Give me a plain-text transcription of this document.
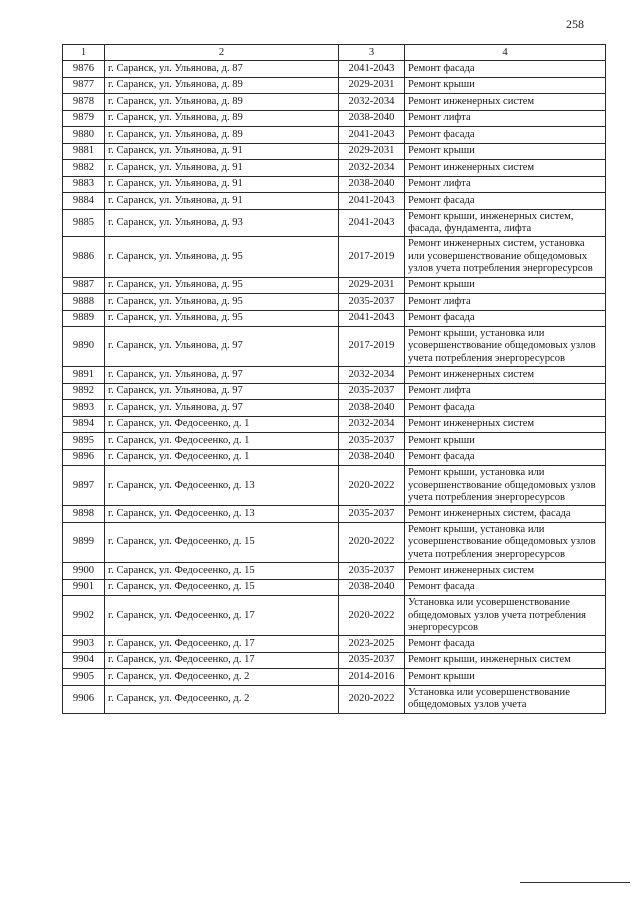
258
1	2	3	4
9876	г. Саранск, ул. Ульянова, д. 87	2041-2043	Ремонт фасада
9877	г. Саранск, ул. Ульянова, д. 89	2029-2031	Ремонт крыши
9878	г. Саранск, ул. Ульянова, д. 89	2032-2034	Ремонт инженерных систем
9879	г. Саранск, ул. Ульянова, д. 89	2038-2040	Ремонт лифта
9880	г. Саранск, ул. Ульянова, д. 89	2041-2043	Ремонт фасада
9881	г. Саранск, ул. Ульянова, д. 91	2029-2031	Ремонт крыши
9882	г. Саранск, ул. Ульянова, д. 91	2032-2034	Ремонт инженерных систем
9883	г. Саранск, ул. Ульянова, д. 91	2038-2040	Ремонт лифта
9884	г. Саранск, ул. Ульянова, д. 91	2041-2043	Ремонт фасада
9885	г. Саранск, ул. Ульянова, д. 93	2041-2043	Ремонт крыши, инженерных систем, фасада, фундамента, лифта
9886	г. Саранск, ул. Ульянова, д. 95	2017-2019	Ремонт инженерных систем, установка или усовершенствование общедомовых узлов учета потребления энергоресурсов
9887	г. Саранск, ул. Ульянова, д. 95	2029-2031	Ремонт крыши
9888	г. Саранск, ул. Ульянова, д. 95	2035-2037	Ремонт лифта
9889	г. Саранск, ул. Ульянова, д. 95	2041-2043	Ремонт фасада
9890	г. Саранск, ул. Ульянова, д. 97	2017-2019	Ремонт крыши, установка или усовершенствование общедомовых узлов учета потребления энергоресурсов
9891	г. Саранск, ул. Ульянова, д. 97	2032-2034	Ремонт инженерных систем
9892	г. Саранск, ул. Ульянова, д. 97	2035-2037	Ремонт лифта
9893	г. Саранск, ул. Ульянова, д. 97	2038-2040	Ремонт фасада
9894	г. Саранск, ул. Федосеенко, д. 1	2032-2034	Ремонт инженерных систем
9895	г. Саранск, ул. Федосеенко, д. 1	2035-2037	Ремонт крыши
9896	г. Саранск, ул. Федосеенко, д. 1	2038-2040	Ремонт фасада
9897	г. Саранск, ул. Федосеенко, д. 13	2020-2022	Ремонт крыши, установка или усовершенствование общедомовых узлов учета потребления энергоресурсов
9898	г. Саранск, ул. Федосеенко, д. 13	2035-2037	Ремонт инженерных систем, фасада
9899	г. Саранск, ул. Федосеенко, д. 15	2020-2022	Ремонт крыши, установка или усовершенствование общедомовых узлов учета потребления энергоресурсов
9900	г. Саранск, ул. Федосеенко, д. 15	2035-2037	Ремонт инженерных систем
9901	г. Саранск, ул. Федосеенко, д. 15	2038-2040	Ремонт фасада
9902	г. Саранск, ул. Федосеенко, д. 17	2020-2022	Установка или усовершенствование общедомовых узлов учета потребления энергоресурсов
9903	г. Саранск, ул. Федосеенко, д. 17	2023-2025	Ремонт фасада
9904	г. Саранск, ул. Федосеенко, д. 17	2035-2037	Ремонт крыши, инженерных систем
9905	г. Саранск, ул. Федосеенко, д. 2	2014-2016	Ремонт крыши
9906	г. Саранск, ул. Федосеенко, д. 2	2020-2022	Установка или усовершенствование общедомовых узлов учета
